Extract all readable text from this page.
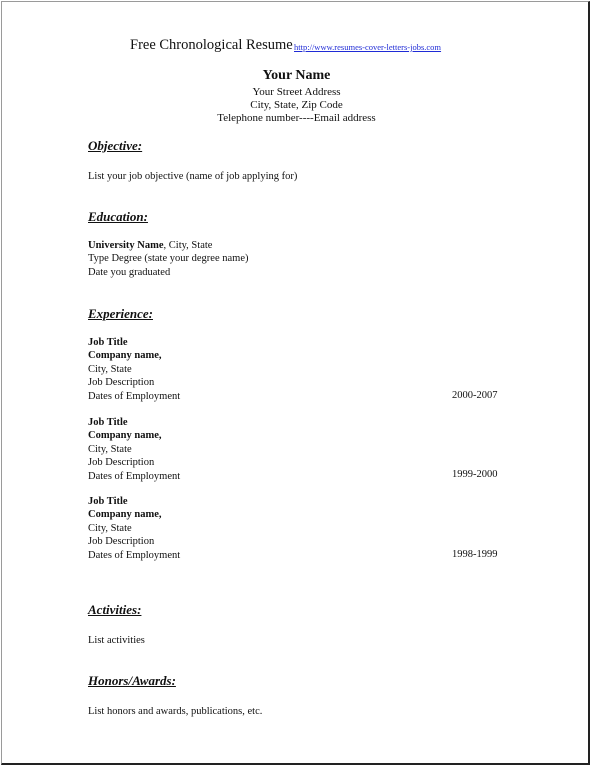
Free Chronological Resume http://www.resumes-cover-letters-jobs.com
Your Name
Your Street Address
City, State, Zip Code
Telephone number----Email address
Objective:
List your job objective (name of job applying for)
Education:
University Name, City, State
Type Degree (state your degree name)
Date you graduated
Experience:
Job Title
Company name,
City, State
Job Description
Dates of Employment	2000-2007
Job Title
Company name,
City, State
Job Description
Dates of Employment	1999-2000
Job Title
Company name,
City, State
Job Description
Dates of Employment	1998-1999
Activities:
List activities
Honors/Awards:
List honors and awards, publications, etc.
